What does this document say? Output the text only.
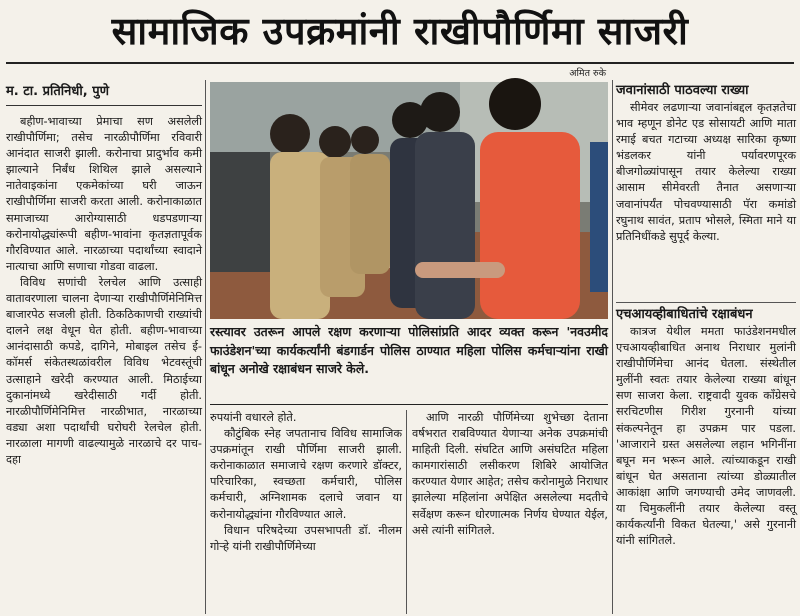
सामाजिक उपक्रमांनी राखीपौर्णिमा साजरी
म. टा. प्रतिनिधी, पुणे

बहीण-भावाच्या प्रेमाचा सण असलेली राखीपौर्णिमा; तसेच नारळीपौर्णिमा रविवारी आनंदात साजरी झाली. करोनाचा प्रादुर्भाव कमी झाल्याने निर्बंध शिथिल झाले असल्याने नातेवाइकांना एकमेकांच्या घरी जाऊन राखीपौर्णिमा साजरी करता आली. करोनाकाळात समाजाच्या आरोग्यासाठी धडपडणाऱ्या करोनायोद्ध्यांरूपी बहीण-भावांना कृतज्ञतापूर्वक गौरविण्यात आले. नारळाच्या पदार्थांच्या स्वादाने नात्याचा आणि सणाचा गोडवा वाढला.

विविध सणांची रेलचेल आणि उत्साही वातावरणाला चालना देणाऱ्या राखीपौर्णिमेनिमित्त बाजारपेठ सजली होती. ठिकठिकाणची राख्यांची दालने लक्ष वेधून घेत होती. बहीण-भावाच्या आनंदासाठी कपडे, दागिने, मोबाइल तसेच ई-कॉमर्स संकेतस्थळांवरील विविध भेटवस्तूंची उत्साहाने खरेदी करण्यात आली. मिठाईच्या दुकानांमध्ये खरेदीसाठी गर्दी होती. नारळीपौर्णिमेनिमित्त नारळीभात, नारळाच्या वड्या अशा पदार्थांची घरोघरी रेलचेल होती. नारळाला मागणी वाढल्यामुळे नारळाचे दर पाच-दहा

अमित रुके
रस्त्यावर उतरून आपले रक्षण करणाऱ्या पोलिसांप्रति आदर व्यक्त करून 'नवउमीद फाउंडेशन'च्या कार्यकर्त्यांनी बंडगार्डन पोलिस ठाण्यात महिला पोलिस कर्मचाऱ्यांना राखी बांधून अनोखे रक्षाबंधन साजरे केले.

रुपयांनी वधारले होते.

कौटुंबिक स्नेह जपतानाच विविध सामाजिक उपक्रमांतून राखी पौर्णिमा साजरी झाली. करोनाकाळात समाजाचे रक्षण करणारे डॉक्टर, परिचारिका, स्वच्छता कर्मचारी, पोलिस कर्मचारी, अग्निशामक दलाचे जवान या करोनायोद्ध्यांना गौरविण्यात आले.

विधान परिषदेच्या उपसभापती डॉ. नीलम गोऱ्हे यांनी राखीपौर्णिमेच्या

आणि नारळी पौर्णिमेच्या शुभेच्छा देताना वर्षभरात राबविण्यात येणाऱ्या अनेक उपक्रमांची माहिती दिली. संघटित आणि असंघटित महिला कामगारांसाठी लसीकरण शिबिरे आयोजित करण्यात येणार आहेत; तसेच करोनामुळे निराधार झालेल्या महिलांना अपेक्षित असलेल्या मदतीचे सर्वेक्षण करून धोरणात्मक निर्णय घेण्यात येईल, असे त्यांनी सांगितले.

जवानांसाठी पाठवल्या राख्या

सीमेवर लढणाऱ्या जवानांबद्दल कृतज्ञतेचा भाव म्हणून डोनेट एड सोसायटी आणि माता रमाई बचत गटाच्या अध्यक्ष सारिका कृष्णा भंडलकर यांनी पर्यावरणपूरक बीजगोळ्यांपासून तयार केलेल्या राख्या आसाम सीमेवरती तैनात असणाऱ्या जवानांपर्यंत पोचवण्यासाठी पॅरा कमांडो रघुनाथ सावंत, प्रताप भोसले, स्मिता माने या प्रतिनिधींकडे सुपूर्द केल्या.

एचआयव्हीबाधितांचे रक्षाबंधन

कात्रज येथील ममता फाउंडेशनमधील एचआयव्हीबाधित अनाथ निराधार मुलांनी राखीपौर्णिमेचा आनंद घेतला. संस्थेतील मुलींनी स्वतः तयार केलेल्या राख्या बांधून सण साजरा केला. राष्ट्रवादी युवक काँग्रेसचे सरचिटणीस गिरीश गुरनानी यांच्या संकल्पनेतून हा उपक्रम पार पडला. 'आजाराने ग्रस्त असलेल्या लहान भगिनींना बघून मन भरून आले. त्यांच्याकडून राखी बांधून घेत असताना त्यांच्या डोळ्यातील आकांक्षा आणि जगण्याची उमेद जाणवली. या चिमुकलींनी तयार केलेल्या वस्तू कार्यकर्त्यांनी विकत घेतल्या,' असे गुरनानी यांनी सांगितले.
